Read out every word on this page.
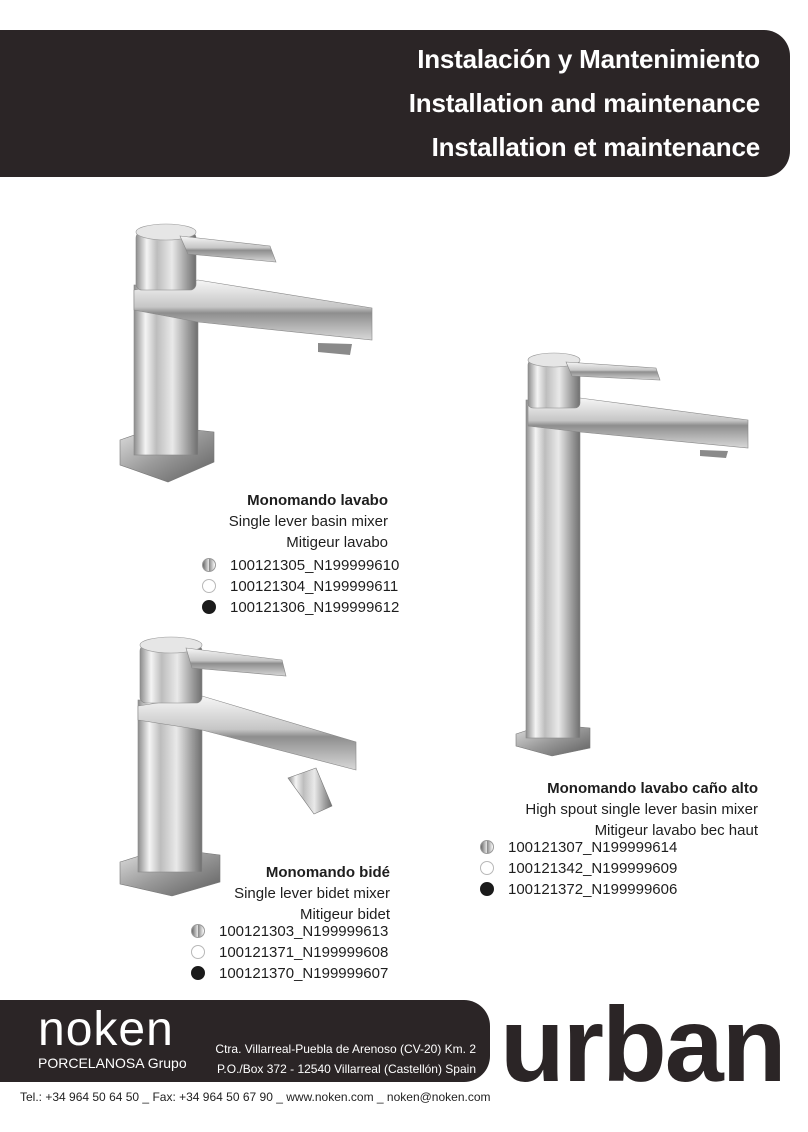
Instalación y Mantenimiento
Installation and maintenance
Installation et maintenance
Monomando lavabo
Single lever basin mixer
Mitigeur lavabo
100121305_N199999610
100121304_N199999611
100121306_N199999612
Monomando bidé
Single lever bidet mixer
Mitigeur bidet
100121303_N199999613
100121371_N199999608
100121370_N199999607
Monomando lavabo caño alto
High spout single lever basin mixer
Mitigeur lavabo bec haut
100121307_N199999614
100121342_N199999609
100121372_N199999606
noken
PORCELANOSA Grupo
Ctra. Villarreal-Puebla de Arenoso (CV-20) Km. 2
P.O./Box 372 - 12540 Villarreal (Castellón) Spain urban
Tel.: +34 964 50 64 50 _ Fax: +34 964 50 67 90 _ www.noken.com _ noken@noken.com
